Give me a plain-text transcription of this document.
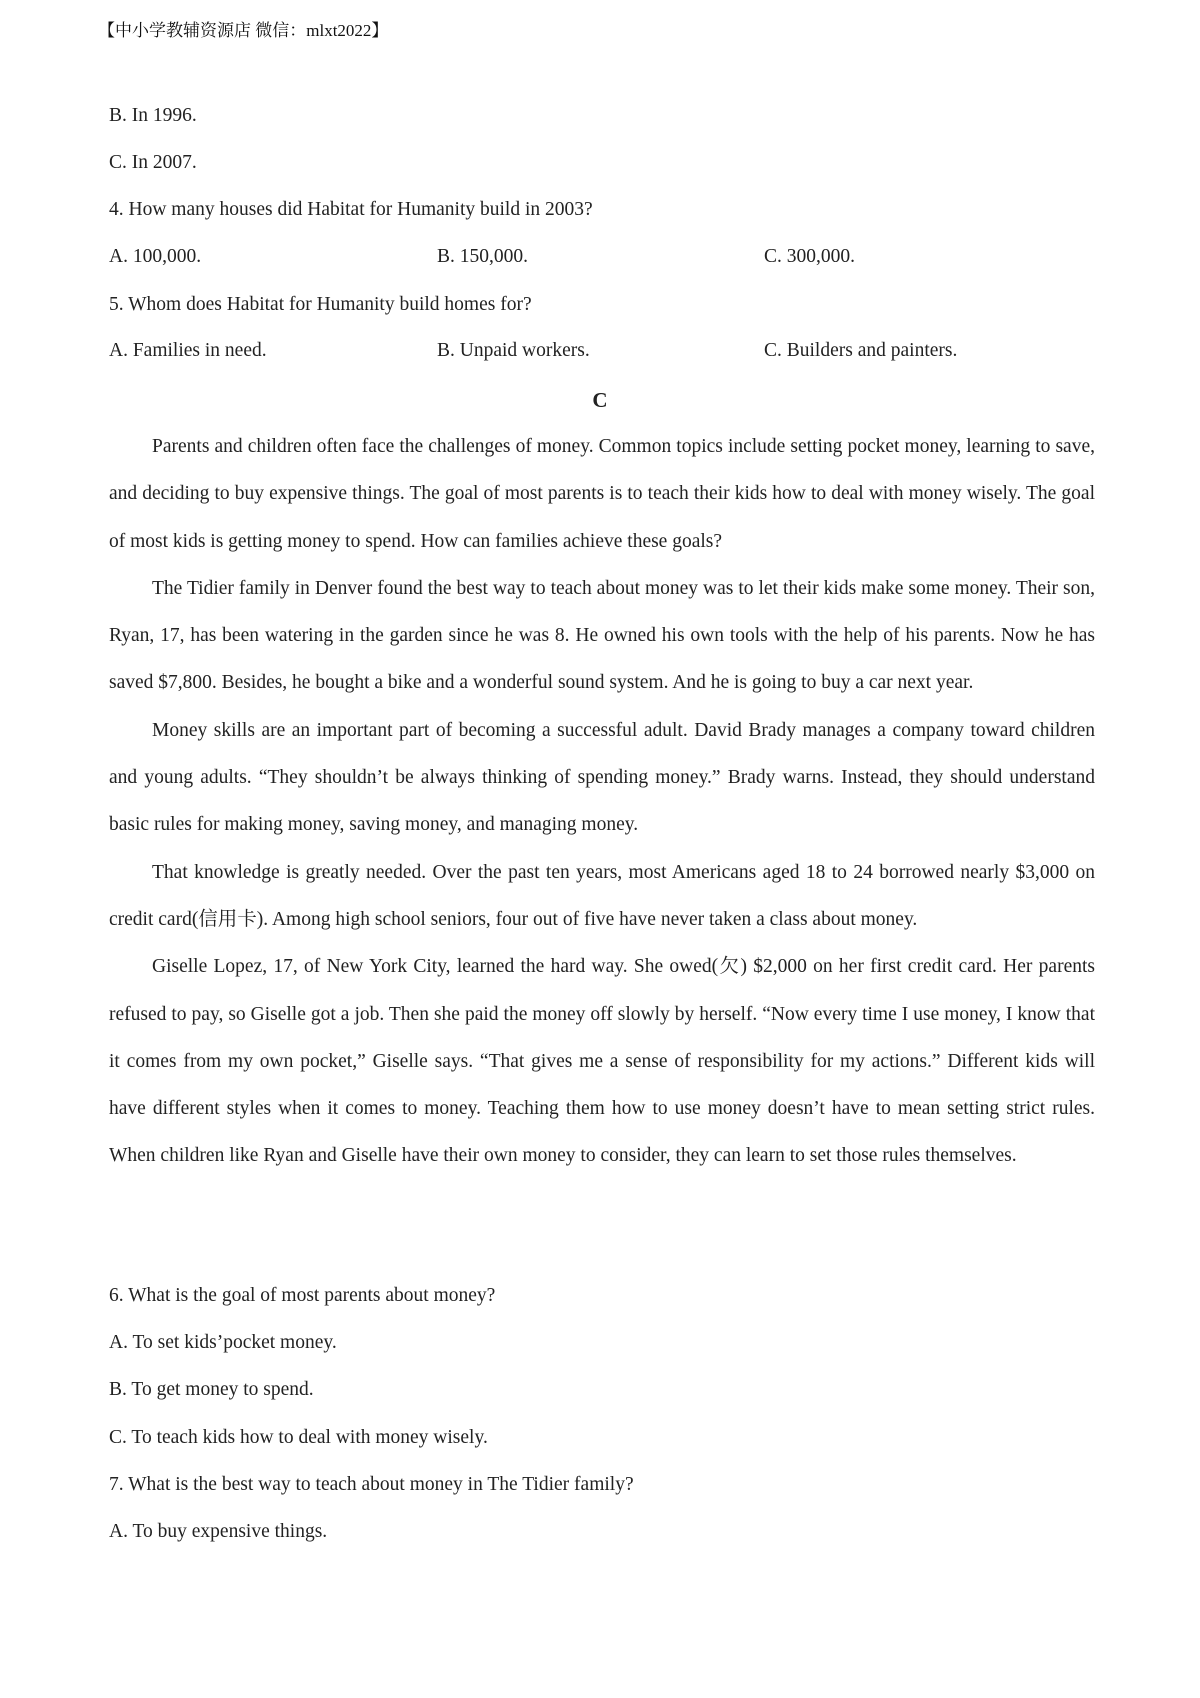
【中小学教辅资源店 微信：mlxt2022】
B. In 1996.
C. In 2007.
4. How many houses did Habitat for Humanity build in 2003?
A. 100,000.	B. 150,000.	C. 300,000.
5. Whom does Habitat for Humanity build homes for?
A. Families in need.	B. Unpaid workers.	C. Builders and painters.
C

Parents and children often face the challenges of money. Common topics include setting pocket money, learning to save, and deciding to buy expensive things. The goal of most parents is to teach their kids how to deal with money wisely. The goal of most kids is getting money to spend. How can families achieve these goals?

The Tidier family in Denver found the best way to teach about money was to let their kids make some money. Their son, Ryan, 17, has been watering in the garden since he was 8. He owned his own tools with the help of his parents. Now he has saved $7,800. Besides, he bought a bike and a wonderful sound system. And he is going to buy a car next year.

Money skills are an important part of becoming a successful adult. David Brady manages a company toward children and young adults. “They shouldn’t be always thinking of spending money.” Brady warns. Instead, they should understand basic rules for making money, saving money, and managing money.

That knowledge is greatly needed. Over the past ten years, most Americans aged 18 to 24 borrowed nearly $3,000 on credit card(信用卡). Among high school seniors, four out of five have never taken a class about money.

Giselle Lopez, 17, of New York City, learned the hard way. She owed(欠) $2,000 on her first credit card. Her parents refused to pay, so Giselle got a job. Then she paid the money off slowly by herself. “Now every time I use money, I know that it comes from my own pocket,” Giselle says. “That gives me a sense of responsibility for my actions.” Different kids will have different styles when it comes to money. Teaching them how to use money doesn’t have to mean setting strict rules. When children like Ryan and Giselle have their own money to consider, they can learn to set those rules themselves.

6. What is the goal of most parents about money?
A. To set kids’pocket money.
B. To get money to spend.
C. To teach kids how to deal with money wisely.
7. What is the best way to teach about money in The Tidier family?
A. To buy expensive things.
